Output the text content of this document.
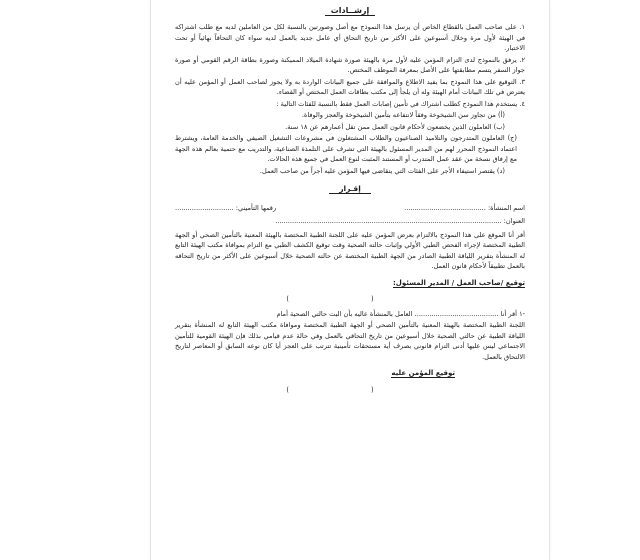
إرشــادات
١. على صاحب العمل بالقطاع الخاص أن يرسل هذا النموذج مع أصل وصورتين بالنسبة لكل من العاملين لديه مع طلب اشتراكه في الهيئة لأول مرة وخلال أسبوعين على الأكثر من تاريخ التحاق أي عامل جديد بالعمل لديه سواء كان التحاقاً نهائياً أو تحت الاختبار.
٢. يرفق بالنموذج لدى التزام المؤمن عليه لأول مرة بالهيئة صورة شهادة الميلاد المميكنة وصورة بطاقة الرقم القومي أو صورة جواز السفر يتسم مطابقتها على الأصل بمعرفة الموظف المختص.
٣. التوقيع على هذا النموذج بما يفيد الاطلاع والموافقة على جميع البيانات الواردة به ولا يجوز لصاحب العمل أو المؤمن عليه أن يعترض في تلك البيانات أمام الهيئة وله أن يلجأ إلى مكتب بطاقات العمل المختص أو القضاء.
٤. يستخدم هذا النموذج كطلب اشتراك في تأمين إصابات العمل فقط بالنسبة للفئات التالية :
(أ) من تجاوز سن الشيخوخة وفقاً لانتفاعه بتأمين الشيخوخة والعجز والوفاة.
(ب) العاملون الذين يخضعون لأحكام قانون العمل ممن تقل أعمارهم عن ١٨ سنة.
(ج) العاملون المتدرجون والتلاميذ الصناعيون والطلاب المشتغلون في مشروعات التشغيل الصيفي والخدمة العامة، ويشترط اعتماد النموذج المحرر لهم من المدير المسئول بالهيئة التي تشرف على التلمذة الصناعية، والتدريب مع حتمية بعالم هذه الجهة مع إرفاق نسخة من عقد عمل المتدرب أو المستند المثبت لنوع العمل في جميع هذه الحالات.
(د) يقتصر استيفاء الأجر على الفئات التي يتقاضى فيها المؤمن عليه أجراً من صاحب العمل.
إقـرار
اسم المنشأة: .......................................
رقمها التأميني: ............................
العنوان: ............................................................................................................
أقر أنا الموقع على هذا النموذج بالالتزام بعرض المؤمن عليه على اللجنة الطبية المختصة بالهيئة المعنية بالتأمين الصحي أو الجهة الطبية المختصة لإجراء الفحص الطبي الأولي وإثبات حالته الصحية وقت توقيع الكشف الطبي مع التزام بموافاة مكتب الهيئة التابع له المنشأة بتقرير اللياقة الطبية الصادر من الجهة الطبية المختصة عن حالته الصحية خلال أسبوعين على الأكثر من تاريخ التحاقه بالعمل تطبيقاً لأحكام قانون العمل.
توقيع /صاحب العمل / المدير المسئول:
( )
-١ أقر أنا ........................................ العامل بالمنشأة عاليه بأن البت حالتي الصحية أمام
اللجنة الطبية المختصة بالهيئة المعنية بالتأمين الصحي أو الجهة الطبية المختصة وموافاة مكتب الهيئة التابع له المنشأة بتقرير اللياقة الطبية عن حالتي الصحية خلال أسبوعين من تاريخ التحاقي بالعمل وفي حالة عدم قيامي بذلك فإن الهيئة القومية للتأمين الاجتماعي ليس عليها أدنى التزام قانوني بصرف أية مستحقات تأمينية تترتب على العجز أيا كان نوعه السابق أو المعاصر لتاريخ الالتحاق بالعمل.
توقيع المؤمن عليه
( )
